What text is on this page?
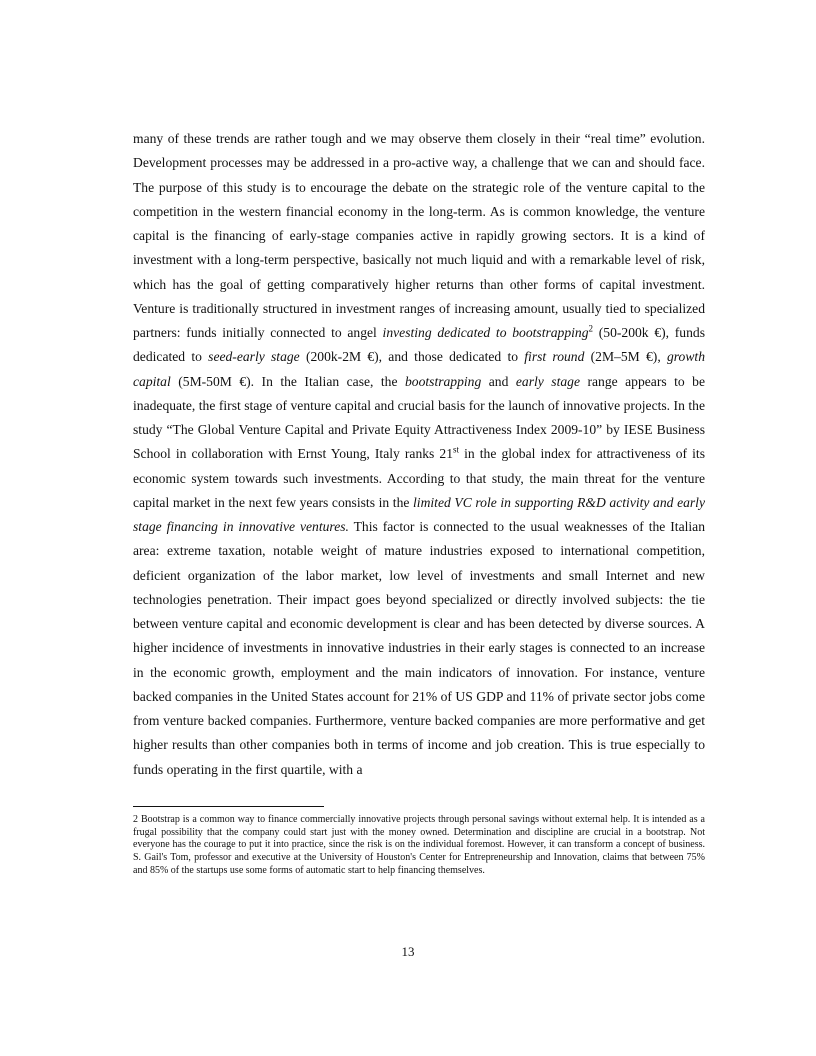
many of these trends are rather tough and we may observe them closely in their “real time” evolution. Development processes may be addressed in a pro-active way, a challenge that we can and should face. The purpose of this study is to encourage the debate on the strategic role of the venture capital to the competition in the western financial economy in the long-term. As is common knowledge, the venture capital is the financing of early-stage companies active in rapidly growing sectors. It is a kind of investment with a long-term perspective, basically not much liquid and with a remarkable level of risk, which has the goal of getting comparatively higher returns than other forms of capital investment. Venture is traditionally structured in investment ranges of increasing amount, usually tied to specialized partners: funds initially connected to angel investing dedicated to bootstrapping$^2$ (50-200k €), funds dedicated to seed-early stage (200k-2M €), and those dedicated to first round (2M–5M €), growth capital (5M-50M €). In the Italian case, the bootstrapping and early stage range appears to be inadequate, the first stage of venture capital and crucial basis for the launch of innovative projects. In the study “The Global Venture Capital and Private Equity Attractiveness Index 2009-10” by IESE Business School in collaboration with Ernst Young, Italy ranks 21st in the global index for attractiveness of its economic system towards such investments. According to that study, the main threat for the venture capital market in the next few years consists in the limited VC role in supporting R&D activity and early stage financing in innovative ventures. This factor is connected to the usual weaknesses of the Italian area: extreme taxation, notable weight of mature industries exposed to international competition, deficient organization of the labor market, low level of investments and small Internet and new technologies penetration. Their impact goes beyond specialized or directly involved subjects: the tie between venture capital and economic development is clear and has been detected by diverse sources. A higher incidence of investments in innovative industries in their early stages is connected to an increase in the economic growth, employment and the main indicators of innovation. For instance, venture backed companies in the United States account for 21% of US GDP and 11% of private sector jobs come from venture backed companies. Furthermore, venture backed companies are more performative and get higher results than other companies both in terms of income and job creation. This is true especially to funds operating in the first quartile, with a

2 Bootstrap is a common way to finance commercially innovative projects through personal savings without external help. It is intended as a frugal possibility that the company could start just with the money owned. Determination and discipline are crucial in a bootstrap. Not everyone has the courage to put it into practice, since the risk is on the individual foremost. However, it can transform a concept of business. S. Gail's Tom, professor and executive at the University of Houston's Center for Entrepreneurship and Innovation, claims that between 75% and 85% of the startups use some forms of automatic start to help financing themselves.

13
